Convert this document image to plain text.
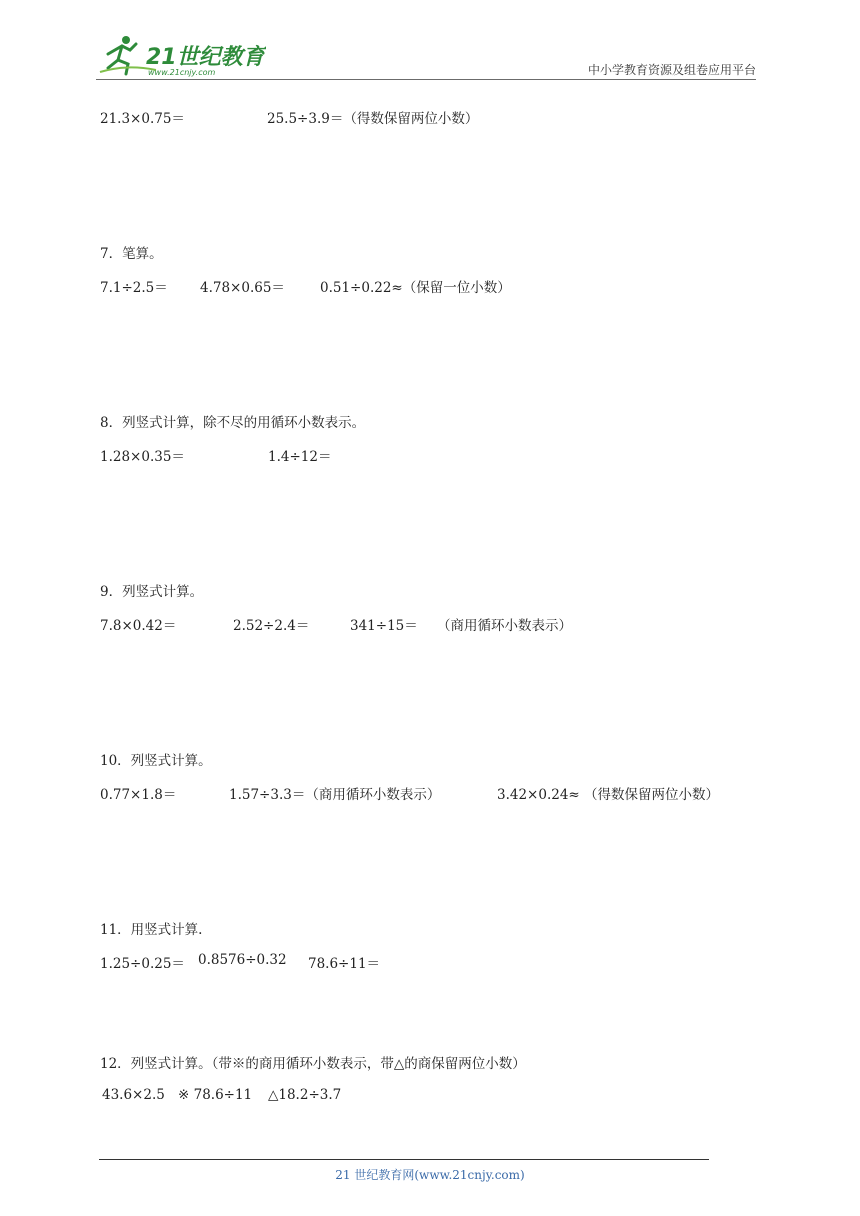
21世纪教育
www.21cnjy.com	中小学教育资源及组卷应用平台
21.3×0.75＝	25.5÷3.9＝（得数保留两位小数）
7．笔算。
7.1÷2.5＝ 4.78×0.65＝	0.51÷0.22≈（保留一位小数）
8．列竖式计算，除不尽的用循环小数表示。
1.28×0.35＝	1.4÷12＝
9．列竖式计算。
7.8×0.42＝	2.52÷2.4＝	341÷15＝ （商用循环小数表示）
10．列竖式计算。
0.77×1.8＝	1.57÷3.3＝（商用循环小数表示）	3.42×0.24≈ （得数保留两位小数）
11．用竖式计算.
1.25÷0.25＝ 0.8576÷0.32 78.6÷11＝
12．列竖式计算。（带※的商用循环小数表示，带△的商保留两位小数）
43.6×2.5 ※ 78.6÷11 △18.2÷3.7
21 世纪教育网(www.21cnjy.com)
